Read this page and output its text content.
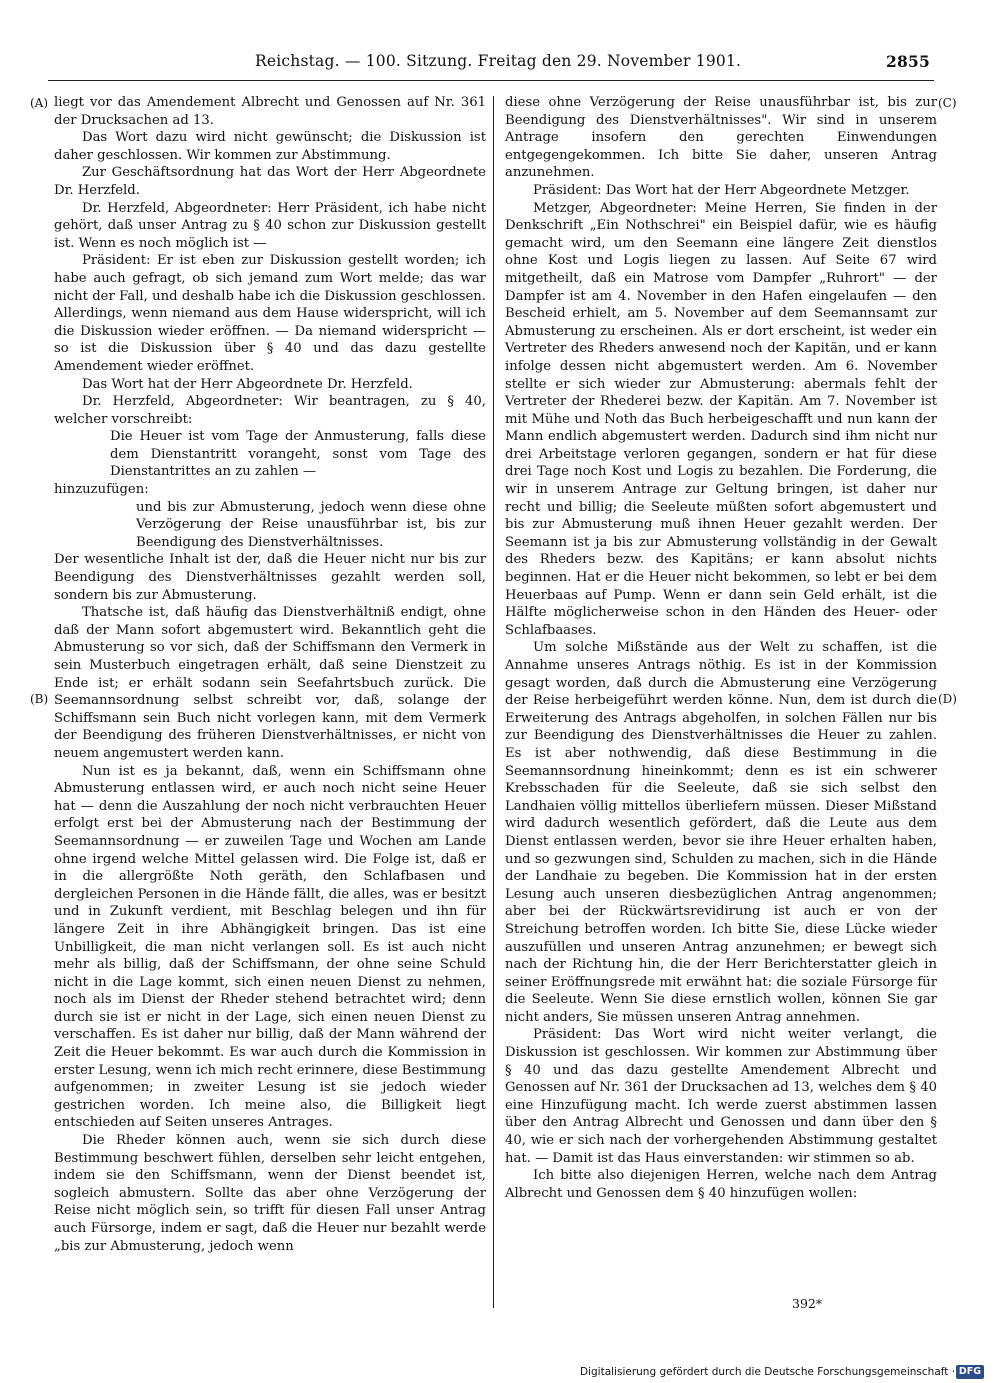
Reichstag. — 100. Sitzung. Freitag den 29. November 1901.	2855
(A)
(B)
(C)
(D)

liegt vor das Amendement Albrecht und Genossen auf Nr. 361 der Drucksachen ad 13.

Das Wort dazu wird nicht gewünscht; die Diskussion ist daher geschlossen. Wir kommen zur Abstimmung.

Zur Geschäftsordnung hat das Wort der Herr Abgeordnete Dr. Herzfeld.

Dr. Herzfeld, Abgeordneter: Herr Präsident, ich habe nicht gehört, daß unser Antrag zu § 40 schon zur Diskussion gestellt ist. Wenn es noch möglich ist —

Präsident: Er ist eben zur Diskussion gestellt worden; ich habe auch gefragt, ob sich jemand zum Wort melde; das war nicht der Fall, und deshalb habe ich die Diskussion geschlossen. Allerdings, wenn niemand aus dem Hause widerspricht, will ich die Diskussion wieder eröffnen. — Da niemand widerspricht — so ist die Diskussion über § 40 und das dazu gestellte Amendement wieder eröffnet.

Das Wort hat der Herr Abgeordnete Dr. Herzfeld.

Dr. Herzfeld, Abgeordneter: Wir beantragen, zu § 40, welcher vorschreibt:

Die Heuer ist vom Tage der Anmusterung, falls diese dem Dienstantritt vorangeht, sonst vom Tage des Dienstantrittes an zu zahlen —

hinzuzufügen:

und bis zur Abmusterung, jedoch wenn diese ohne Verzögerung der Reise unausführbar ist, bis zur Beendigung des Dienstverhältnisses.

Der wesentliche Inhalt ist der, daß die Heuer nicht nur bis zur Beendigung des Dienstverhältnisses gezahlt werden soll, sondern bis zur Abmusterung.

Thatsche ist, daß häufig das Dienstverhältniß endigt, ohne daß der Mann sofort abgemustert wird. Bekanntlich geht die Abmusterung so vor sich, daß der Schiffsmann den Vermerk in sein Musterbuch eingetragen erhält, daß seine Dienstzeit zu Ende ist; er erhält sodann sein Seefahrtsbuch zurück. Die Seemannsordnung selbst schreibt vor, daß, solange der Schiffsmann sein Buch nicht vorlegen kann, mit dem Vermerk der Beendigung des früheren Dienstverhältnisses, er nicht von neuem angemustert werden kann.

Nun ist es ja bekannt, daß, wenn ein Schiffsmann ohne Abmusterung entlassen wird, er auch noch nicht seine Heuer hat — denn die Auszahlung der noch nicht verbrauchten Heuer erfolgt erst bei der Abmusterung nach der Bestimmung der Seemannsordnung — er zuweilen Tage und Wochen am Lande ohne irgend welche Mittel gelassen wird. Die Folge ist, daß er in die allergrößte Noth geräth, den Schlafbasen und dergleichen Personen in die Hände fällt, die alles, was er besitzt und in Zukunft verdient, mit Beschlag belegen und ihn für längere Zeit in ihre Abhängigkeit bringen. Das ist eine Unbilligkeit, die man nicht verlangen soll. Es ist auch nicht mehr als billig, daß der Schiffsmann, der ohne seine Schuld nicht in die Lage kommt, sich einen neuen Dienst zu nehmen, noch als im Dienst der Rheder stehend betrachtet wird; denn durch sie ist er nicht in der Lage, sich einen neuen Dienst zu verschaffen. Es ist daher nur billig, daß der Mann während der Zeit die Heuer bekommt. Es war auch durch die Kommission in erster Lesung, wenn ich mich recht erinnere, diese Bestimmung aufgenommen; in zweiter Lesung ist sie jedoch wieder gestrichen worden. Ich meine also, die Billigkeit liegt entschieden auf Seiten unseres Antrages.

Die Rheder können auch, wenn sie sich durch diese Bestimmung beschwert fühlen, derselben sehr leicht entgehen, indem sie den Schiffsmann, wenn der Dienst beendet ist, sogleich abmustern. Sollte das aber ohne Verzögerung der Reise nicht möglich sein, so trifft für diesen Fall unser Antrag auch Fürsorge, indem er sagt, daß die Heuer nur bezahlt werde „bis zur Abmusterung, jedoch wenn

diese ohne Verzögerung der Reise unausführbar ist, bis zur Beendigung des Dienstverhältnisses". Wir sind in unserem Antrage insofern den gerechten Einwendungen entgegengekommen. Ich bitte Sie daher, unseren Antrag anzunehmen.

Präsident: Das Wort hat der Herr Abgeordnete Metzger.

Metzger, Abgeordneter: Meine Herren, Sie finden in der Denkschrift „Ein Nothschrei" ein Beispiel dafür, wie es häufig gemacht wird, um den Seemann eine längere Zeit dienstlos ohne Kost und Logis liegen zu lassen. Auf Seite 67 wird mitgetheilt, daß ein Matrose vom Dampfer „Ruhrort" — der Dampfer ist am 4. November in den Hafen eingelaufen — den Bescheid erhielt, am 5. November auf dem Seemannsamt zur Abmusterung zu erscheinen. Als er dort erscheint, ist weder ein Vertreter des Rheders anwesend noch der Kapitän, und er kann infolge dessen nicht abgemustert werden. Am 6. November stellte er sich wieder zur Abmusterung: abermals fehlt der Vertreter der Rhederei bezw. der Kapitän. Am 7. November ist mit Mühe und Noth das Buch herbeigeschafft und nun kann der Mann endlich abgemustert werden. Dadurch sind ihm nicht nur drei Arbeitstage verloren gegangen, sondern er hat für diese drei Tage noch Kost und Logis zu bezahlen. Die Forderung, die wir in unserem Antrage zur Geltung bringen, ist daher nur recht und billig; die Seeleute müßten sofort abgemustert und bis zur Abmusterung muß ihnen Heuer gezahlt werden. Der Seemann ist ja bis zur Abmusterung vollständig in der Gewalt des Rheders bezw. des Kapitäns; er kann absolut nichts beginnen. Hat er die Heuer nicht bekommen, so lebt er bei dem Heuerbaas auf Pump. Wenn er dann sein Geld erhält, ist die Hälfte möglicherweise schon in den Händen des Heuer- oder Schlafbaases.

Um solche Mißstände aus der Welt zu schaffen, ist die Annahme unseres Antrags nöthig. Es ist in der Kommission gesagt worden, daß durch die Abmusterung eine Verzögerung der Reise herbeigeführt werden könne. Nun, dem ist durch die Erweiterung des Antrags abgeholfen, in solchen Fällen nur bis zur Beendigung des Dienstverhältnisses die Heuer zu zahlen. Es ist aber nothwendig, daß diese Bestimmung in die Seemannsordnung hineinkommt; denn es ist ein schwerer Krebsschaden für die Seeleute, daß sie sich selbst den Landhaien völlig mittellos überliefern müssen. Dieser Mißstand wird dadurch wesentlich gefördert, daß die Leute aus dem Dienst entlassen werden, bevor sie ihre Heuer erhalten haben, und so gezwungen sind, Schulden zu machen, sich in die Hände der Landhaie zu begeben. Die Kommission hat in der ersten Lesung auch unseren diesbezüglichen Antrag angenommen; aber bei der Rückwärtsrevidirung ist auch er von der Streichung betroffen worden. Ich bitte Sie, diese Lücke wieder auszufüllen und unseren Antrag anzunehmen; er bewegt sich nach der Richtung hin, die der Herr Berichterstatter gleich in seiner Eröffnungsrede mit erwähnt hat: die soziale Fürsorge für die Seeleute. Wenn Sie diese ernstlich wollen, können Sie gar nicht anders, Sie müssen unseren Antrag annehmen.

Präsident: Das Wort wird nicht weiter verlangt, die Diskussion ist geschlossen. Wir kommen zur Abstimmung über § 40 und das dazu gestellte Amendement Albrecht und Genossen auf Nr. 361 der Drucksachen ad 13, welches dem § 40 eine Hinzufügung macht. Ich werde zuerst abstimmen lassen über den Antrag Albrecht und Genossen und dann über den § 40, wie er sich nach der vorhergehenden Abstimmung gestaltet hat. — Damit ist das Haus einverstanden: wir stimmen so ab.

Ich bitte also diejenigen Herren, welche nach dem Antrag Albrecht und Genossen dem § 40 hinzufügen wollen:

392*
Digitalisierung gefördert durch die Deutsche Forschungsgemeinschaft · DFG
